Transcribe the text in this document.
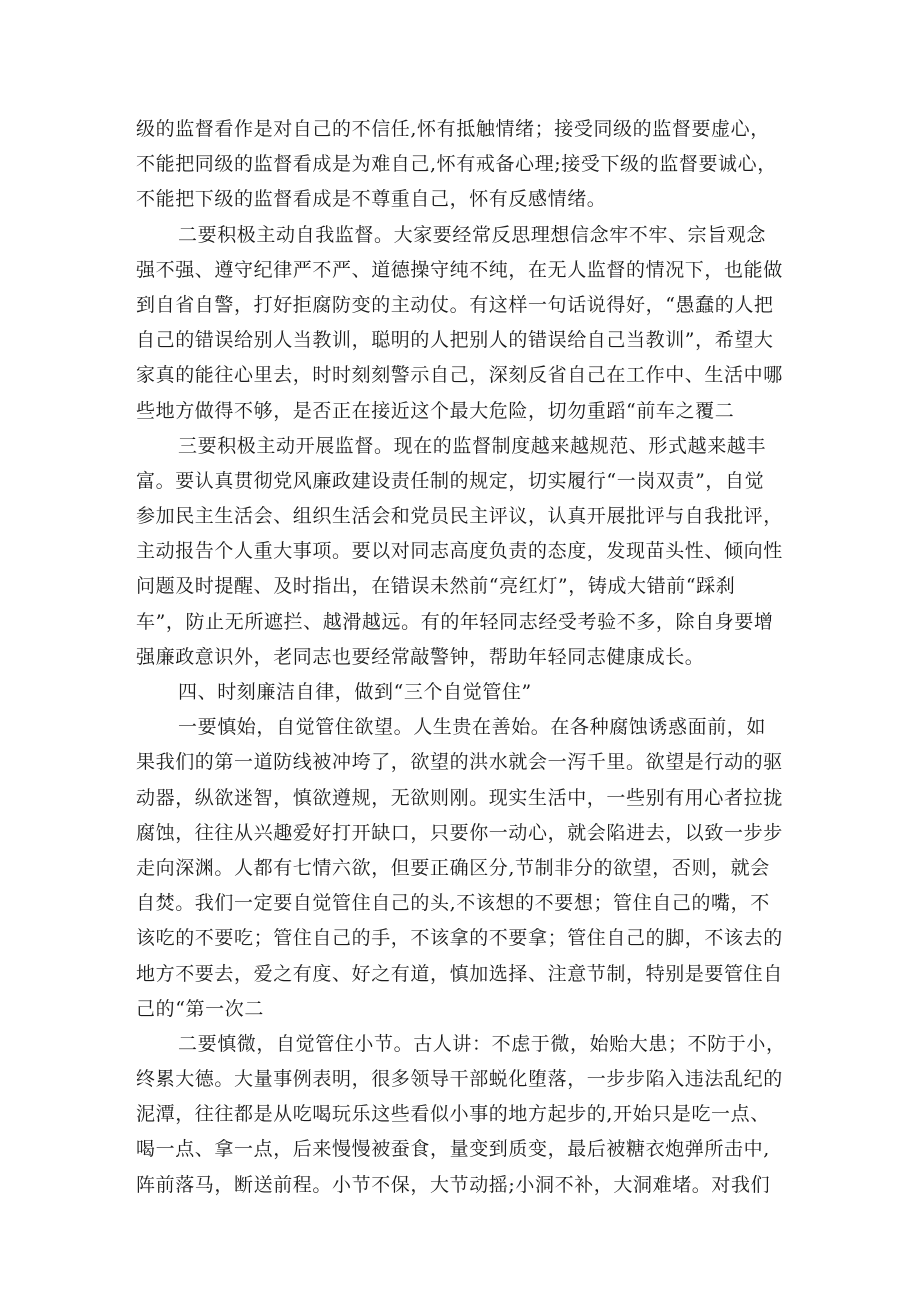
级的监督看作是对自己的不信任,怀有抵触情绪；接受同级的监督要虚心，
不能把同级的监督看成是为难自己,怀有戒备心理;接受下级的监督要诚心，
不能把下级的监督看成是不尊重自己，怀有反感情绪。
二要积极主动自我监督。大家要经常反思理想信念牢不牢、宗旨观念
强不强、遵守纪律严不严、道德操守纯不纯，在无人监督的情况下，也能做
到自省自警，打好拒腐防变的主动仗。有这样一句话说得好，“愚蠢的人把
自己的错误给别人当教训，聪明的人把别人的错误给自己当教训”，希望大
家真的能往心里去，时时刻刻警示自己，深刻反省自己在工作中、生活中哪
些地方做得不够，是否正在接近这个最大危险，切勿重蹈“前车之覆二
三要积极主动开展监督。现在的监督制度越来越规范、形式越来越丰
富。要认真贯彻党风廉政建设责任制的规定，切实履行“一岗双责”，自觉
参加民主生活会、组织生活会和党员民主评议，认真开展批评与自我批评，
主动报告个人重大事项。要以对同志高度负责的态度，发现苗头性、倾向性
问题及时提醒、及时指出，在错误未然前“亮红灯”，铸成大错前“踩刹
车”，防止无所遮拦、越滑越远。有的年轻同志经受考验不多，除自身要增
强廉政意识外，老同志也要经常敲警钟，帮助年轻同志健康成长。
四、时刻廉洁自律，做到“三个自觉管住”
一要慎始，自觉管住欲望。人生贵在善始。在各种腐蚀诱惑面前，如
果我们的第一道防线被冲垮了，欲望的洪水就会一泻千里。欲望是行动的驱
动器，纵欲迷智，慎欲遵规，无欲则刚。现实生活中，一些别有用心者拉拢
腐蚀，往往从兴趣爱好打开缺口，只要你一动心，就会陷进去，以致一步步
走向深渊。人都有七情六欲，但要正确区分,节制非分的欲望，否则，就会
自焚。我们一定要自觉管住自己的头,不该想的不要想；管住自己的嘴，不
该吃的不要吃；管住自己的手，不该拿的不要拿；管住自己的脚，不该去的
地方不要去，爱之有度、好之有道，慎加选择、注意节制，特别是要管住自
己的“第一次二
二要慎微，自觉管住小节。古人讲：不虑于微，始贻大患；不防于小，
终累大德。大量事例表明，很多领导干部蜕化堕落，一步步陷入违法乱纪的
泥潭，往往都是从吃喝玩乐这些看似小事的地方起步的,开始只是吃一点、
喝一点、拿一点，后来慢慢被蚕食，量变到质变，最后被糖衣炮弹所击中,
阵前落马，断送前程。小节不保，大节动摇;小洞不补，大洞难堵。对我们
